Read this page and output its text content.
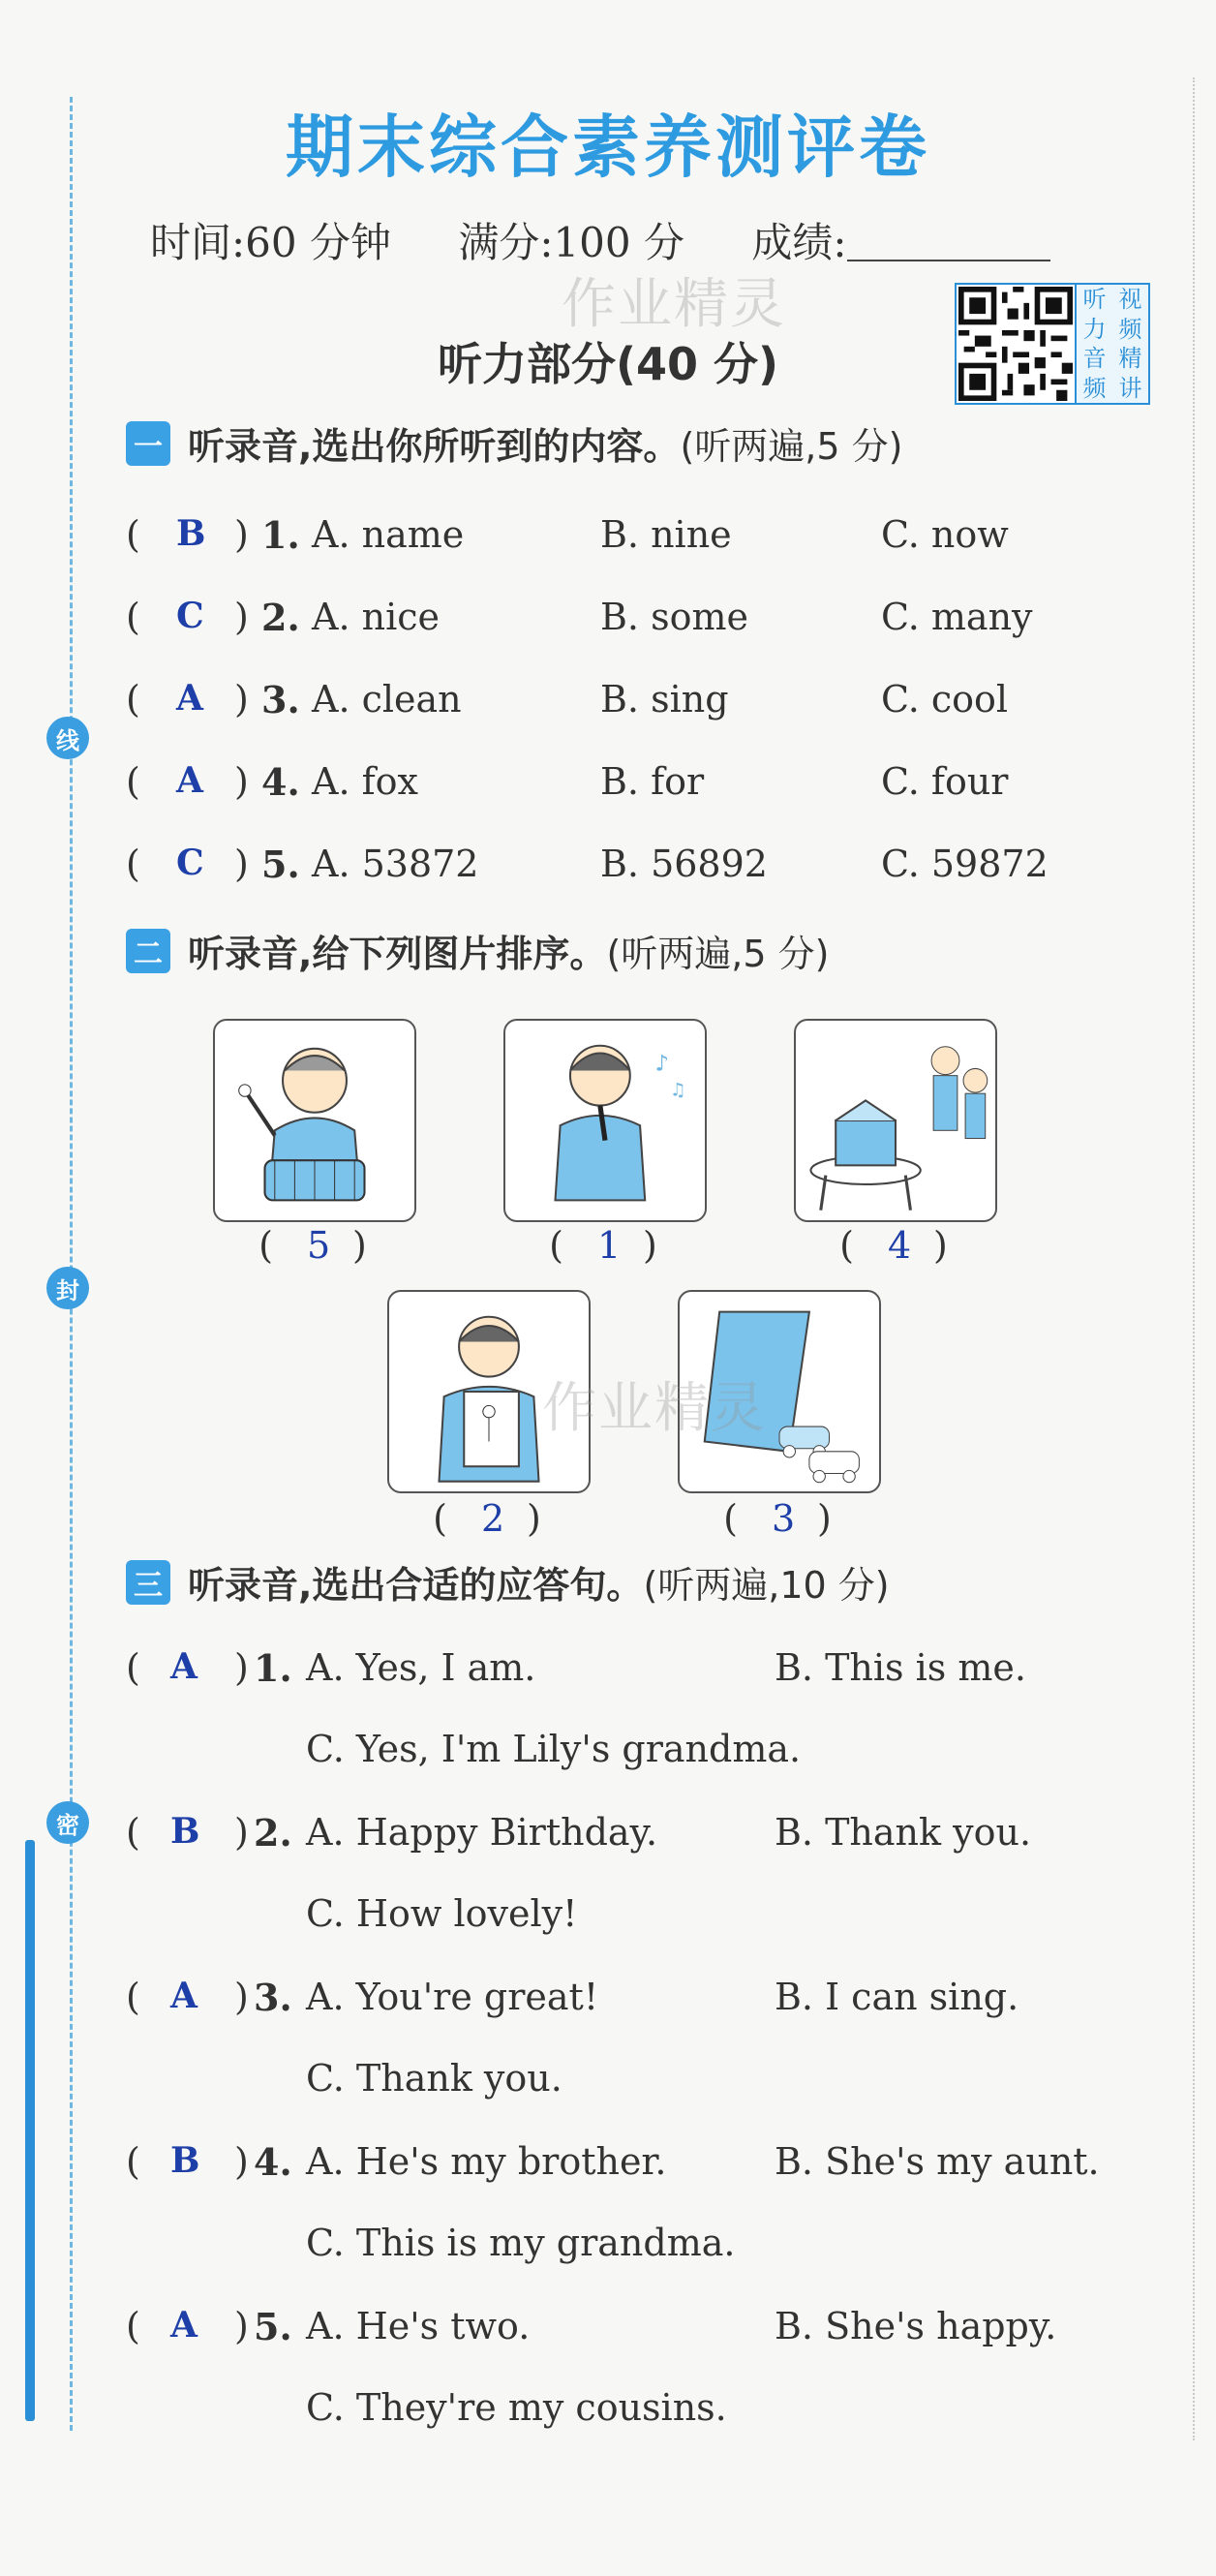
线
封
密
期末综合素养测评卷
时间:60 分钟 满分:100 分 成绩:
作业精灵
听力部分(40 分)
听 视
力 频
音 精
频 讲
一 听录音,选出你所听到的内容。 (听两遍,5 分)
( B ) 1. A. name	B. nine	C. now
( C ) 2. A. nice	B. some	C. many
( A ) 3. A. clean	B. sing	C. cool
( A ) 4. A. fox	B. for	C. four
( C ) 5. A. 53872	B. 56892	C. 59872
二 听录音,给下列图片排序。 (听两遍,5 分)
♪
♫
( 5 )	( 1 )	( 4 )
( 2 )	( 3 )
作业精灵
三 听录音,选出合适的应答句。 (听两遍,10 分)
( A ) 1. A. Yes, I am.	B. This is me.
C. Yes, I'm Lily's grandma.
( B ) 2. A. Happy Birthday.	B. Thank you.
C. How lovely!
( A ) 3. A. You're great!	B. I can sing.
C. Thank you.
( B ) 4. A. He's my brother.	B. She's my aunt.
C. This is my grandma.
( A ) 5. A. He's two.	B. She's happy.
C. They're my cousins.
